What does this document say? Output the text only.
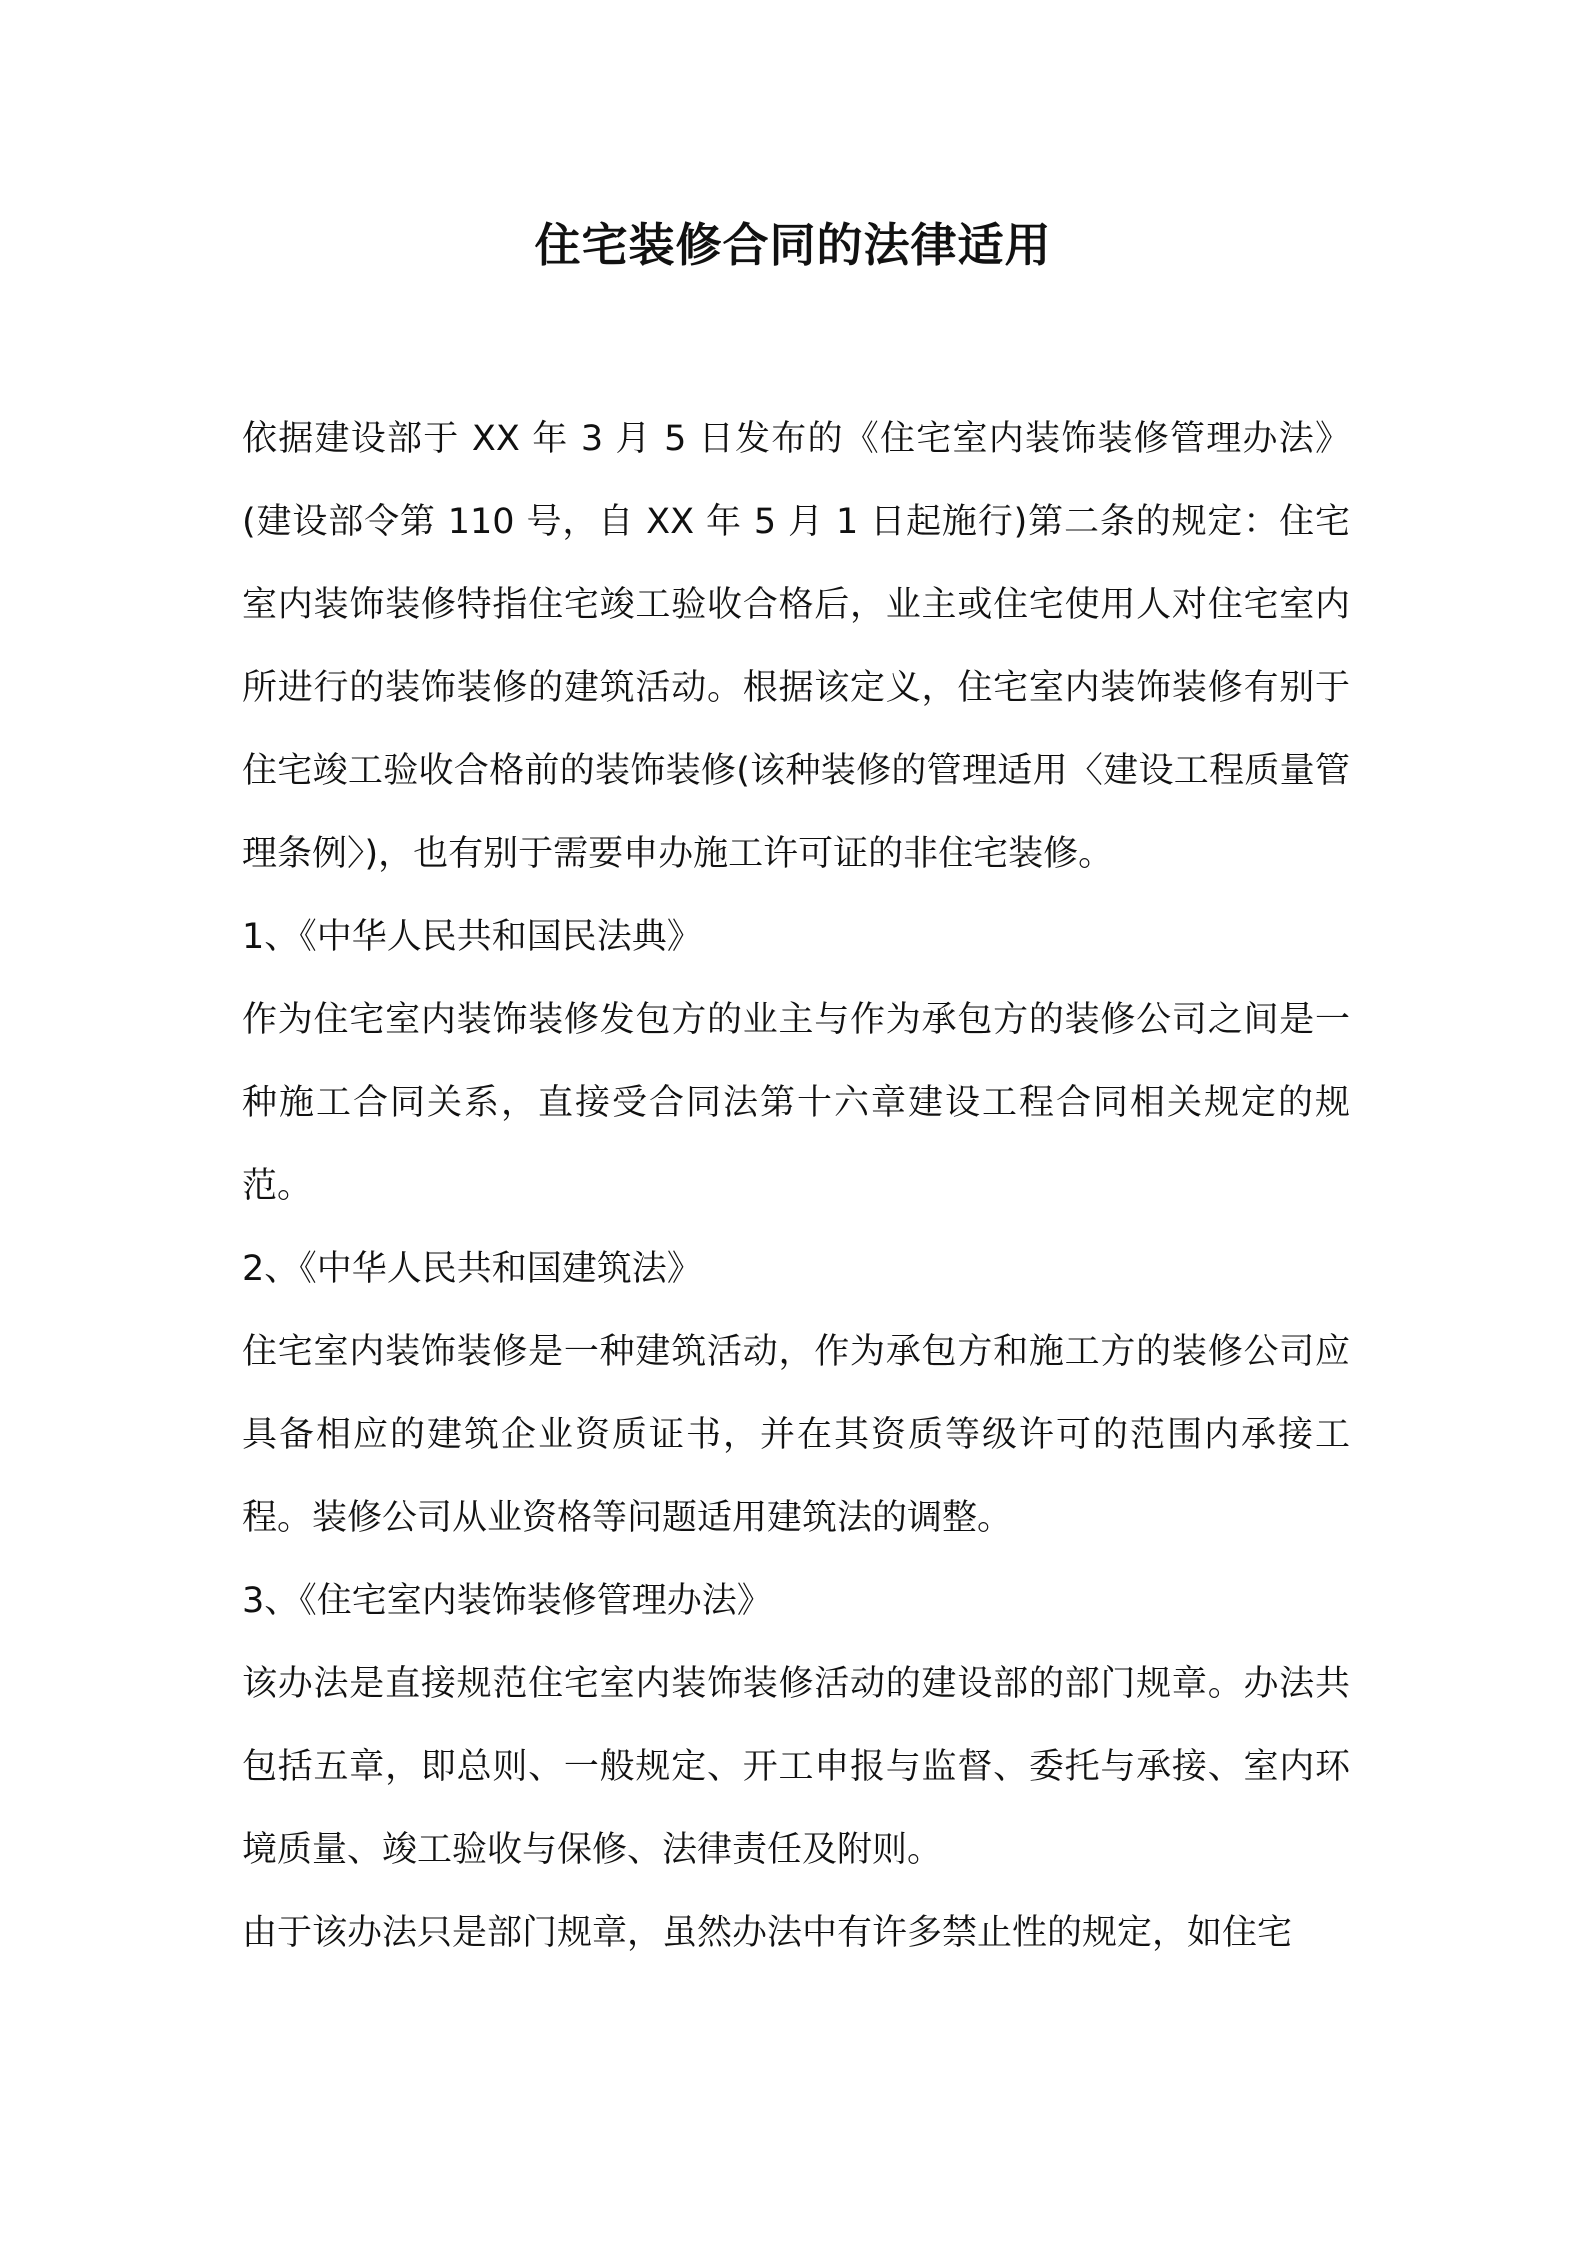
住宅装修合同的法律适用

依据建设部于 XX 年 3 月 5 日发布的《住宅室内装饰装修管理办法》(建设部令第 110 号，自 XX 年 5 月 1 日起施行)第二条的规定：住宅室内装饰装修特指住宅竣工验收合格后，业主或住宅使用人对住宅室内所进行的装饰装修的建筑活动。根据该定义，住宅室内装饰装修有别于住宅竣工验收合格前的装饰装修(该种装修的管理适用〈建设工程质量管理条例〉)，也有别于需要申办施工许可证的非住宅装修。

1、《中华人民共和国民法典》

作为住宅室内装饰装修发包方的业主与作为承包方的装修公司之间是一种施工合同关系，直接受合同法第十六章建设工程合同相关规定的规范。

2、《中华人民共和国建筑法》

住宅室内装饰装修是一种建筑活动，作为承包方和施工方的装修公司应具备相应的建筑企业资质证书，并在其资质等级许可的范围内承接工程。装修公司从业资格等问题适用建筑法的调整。

3、《住宅室内装饰装修管理办法》

该办法是直接规范住宅室内装饰装修活动的建设部的部门规章。办法共包括五章，即总则、一般规定、开工申报与监督、委托与承接、室内环境质量、竣工验收与保修、法律责任及附则。

由于该办法只是部门规章，虽然办法中有许多禁止性的规定，如住宅
